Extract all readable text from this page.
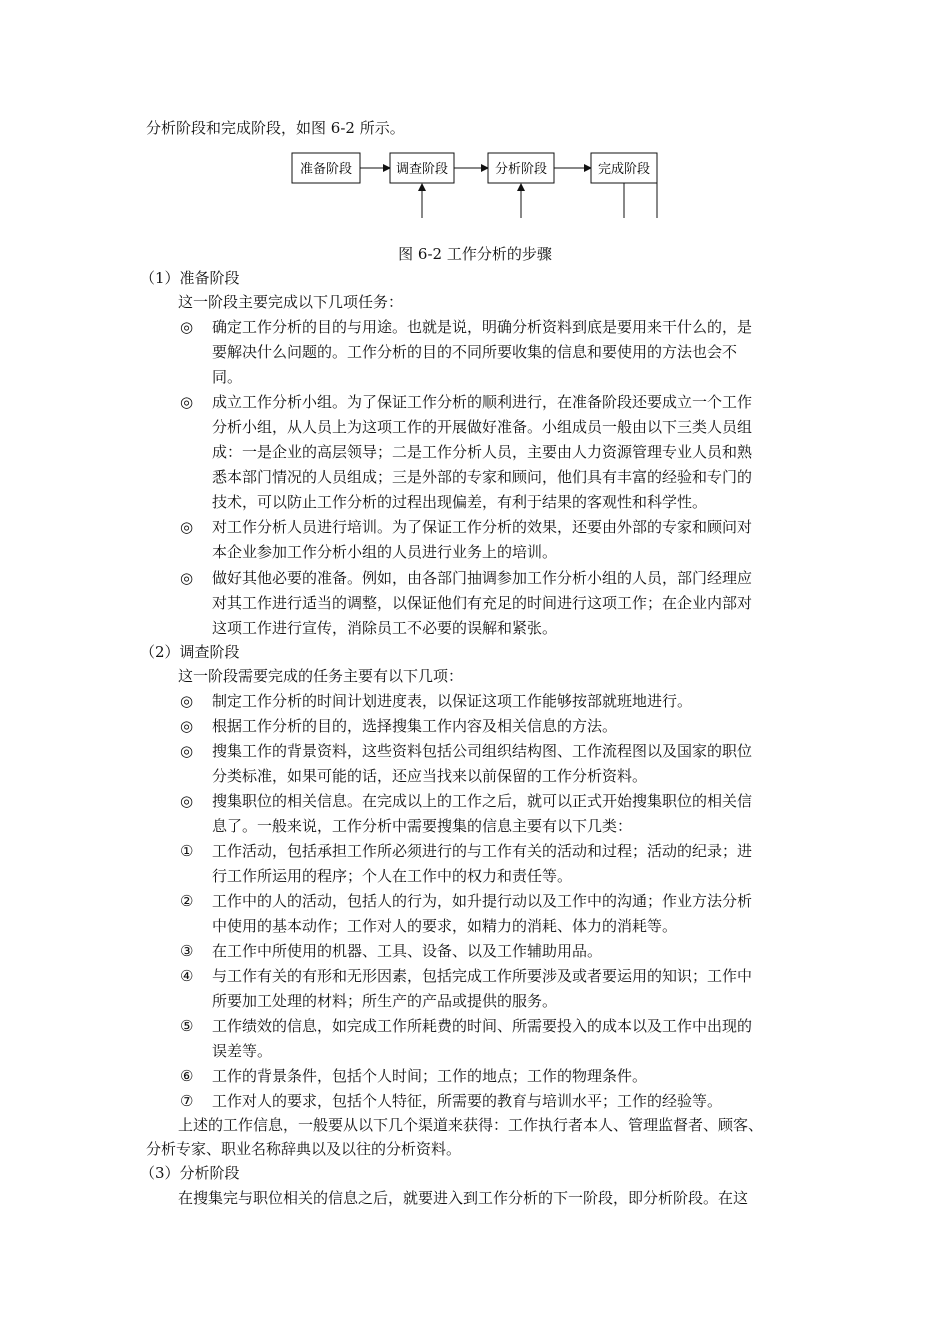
分析阶段和完成阶段，如图 6-2 所示。

准备阶段	调查阶段	分析阶段	完成阶段

图 6-2 工作分析的步骤

（1）准备阶段

这一阶段主要完成以下几项任务：

◎	确定工作分析的目的与用途。也就是说，明确分析资料到底是要用来干什么的，是

要解决什么问题的。工作分析的目的不同所要收集的信息和要使用的方法也会不

同。

◎	成立工作分析小组。为了保证工作分析的顺利进行，在准备阶段还要成立一个工作

分析小组，从人员上为这项工作的开展做好准备。小组成员一般由以下三类人员组

成：一是企业的高层领导；二是工作分析人员，主要由人力资源管理专业人员和熟

悉本部门情况的人员组成；三是外部的专家和顾问，他们具有丰富的经验和专门的

技术，可以防止工作分析的过程出现偏差，有利于结果的客观性和科学性。

◎	对工作分析人员进行培训。为了保证工作分析的效果，还要由外部的专家和顾问对

本企业参加工作分析小组的人员进行业务上的培训。

◎	做好其他必要的准备。例如，由各部门抽调参加工作分析小组的人员，部门经理应

对其工作进行适当的调整，以保证他们有充足的时间进行这项工作；在企业内部对

这项工作进行宣传，消除员工不必要的误解和紧张。

（2）调查阶段

这一阶段需要完成的任务主要有以下几项：

◎	制定工作分析的时间计划进度表，以保证这项工作能够按部就班地进行。

◎	根据工作分析的目的，选择搜集工作内容及相关信息的方法。

◎	搜集工作的背景资料，这些资料包括公司组织结构图、工作流程图以及国家的职位

分类标准，如果可能的话，还应当找来以前保留的工作分析资料。

◎	搜集职位的相关信息。在完成以上的工作之后，就可以正式开始搜集职位的相关信

息了。一般来说，工作分析中需要搜集的信息主要有以下几类：

①	工作活动，包括承担工作所必须进行的与工作有关的活动和过程；活动的纪录；进

行工作所运用的程序；个人在工作中的权力和责任等。

②	工作中的人的活动，包括人的行为，如升提行动以及工作中的沟通；作业方法分析

中使用的基本动作；工作对人的要求，如精力的消耗、体力的消耗等。

③	在工作中所使用的机器、工具、设备、以及工作辅助用品。

④	与工作有关的有形和无形因素，包括完成工作所要涉及或者要运用的知识；工作中

所要加工处理的材料；所生产的产品或提供的服务。

⑤	工作绩效的信息，如完成工作所耗费的时间、所需要投入的成本以及工作中出现的

误差等。

⑥	工作的背景条件，包括个人时间；工作的地点；工作的物理条件。

⑦	工作对人的要求，包括个人特征，所需要的教育与培训水平；工作的经验等。

上述的工作信息，一般要从以下几个渠道来获得：工作执行者本人、管理监督者、顾客、

分析专家、职业名称辞典以及以往的分析资料。

（3）分析阶段

在搜集完与职位相关的信息之后，就要进入到工作分析的下一阶段，即分析阶段。在这
